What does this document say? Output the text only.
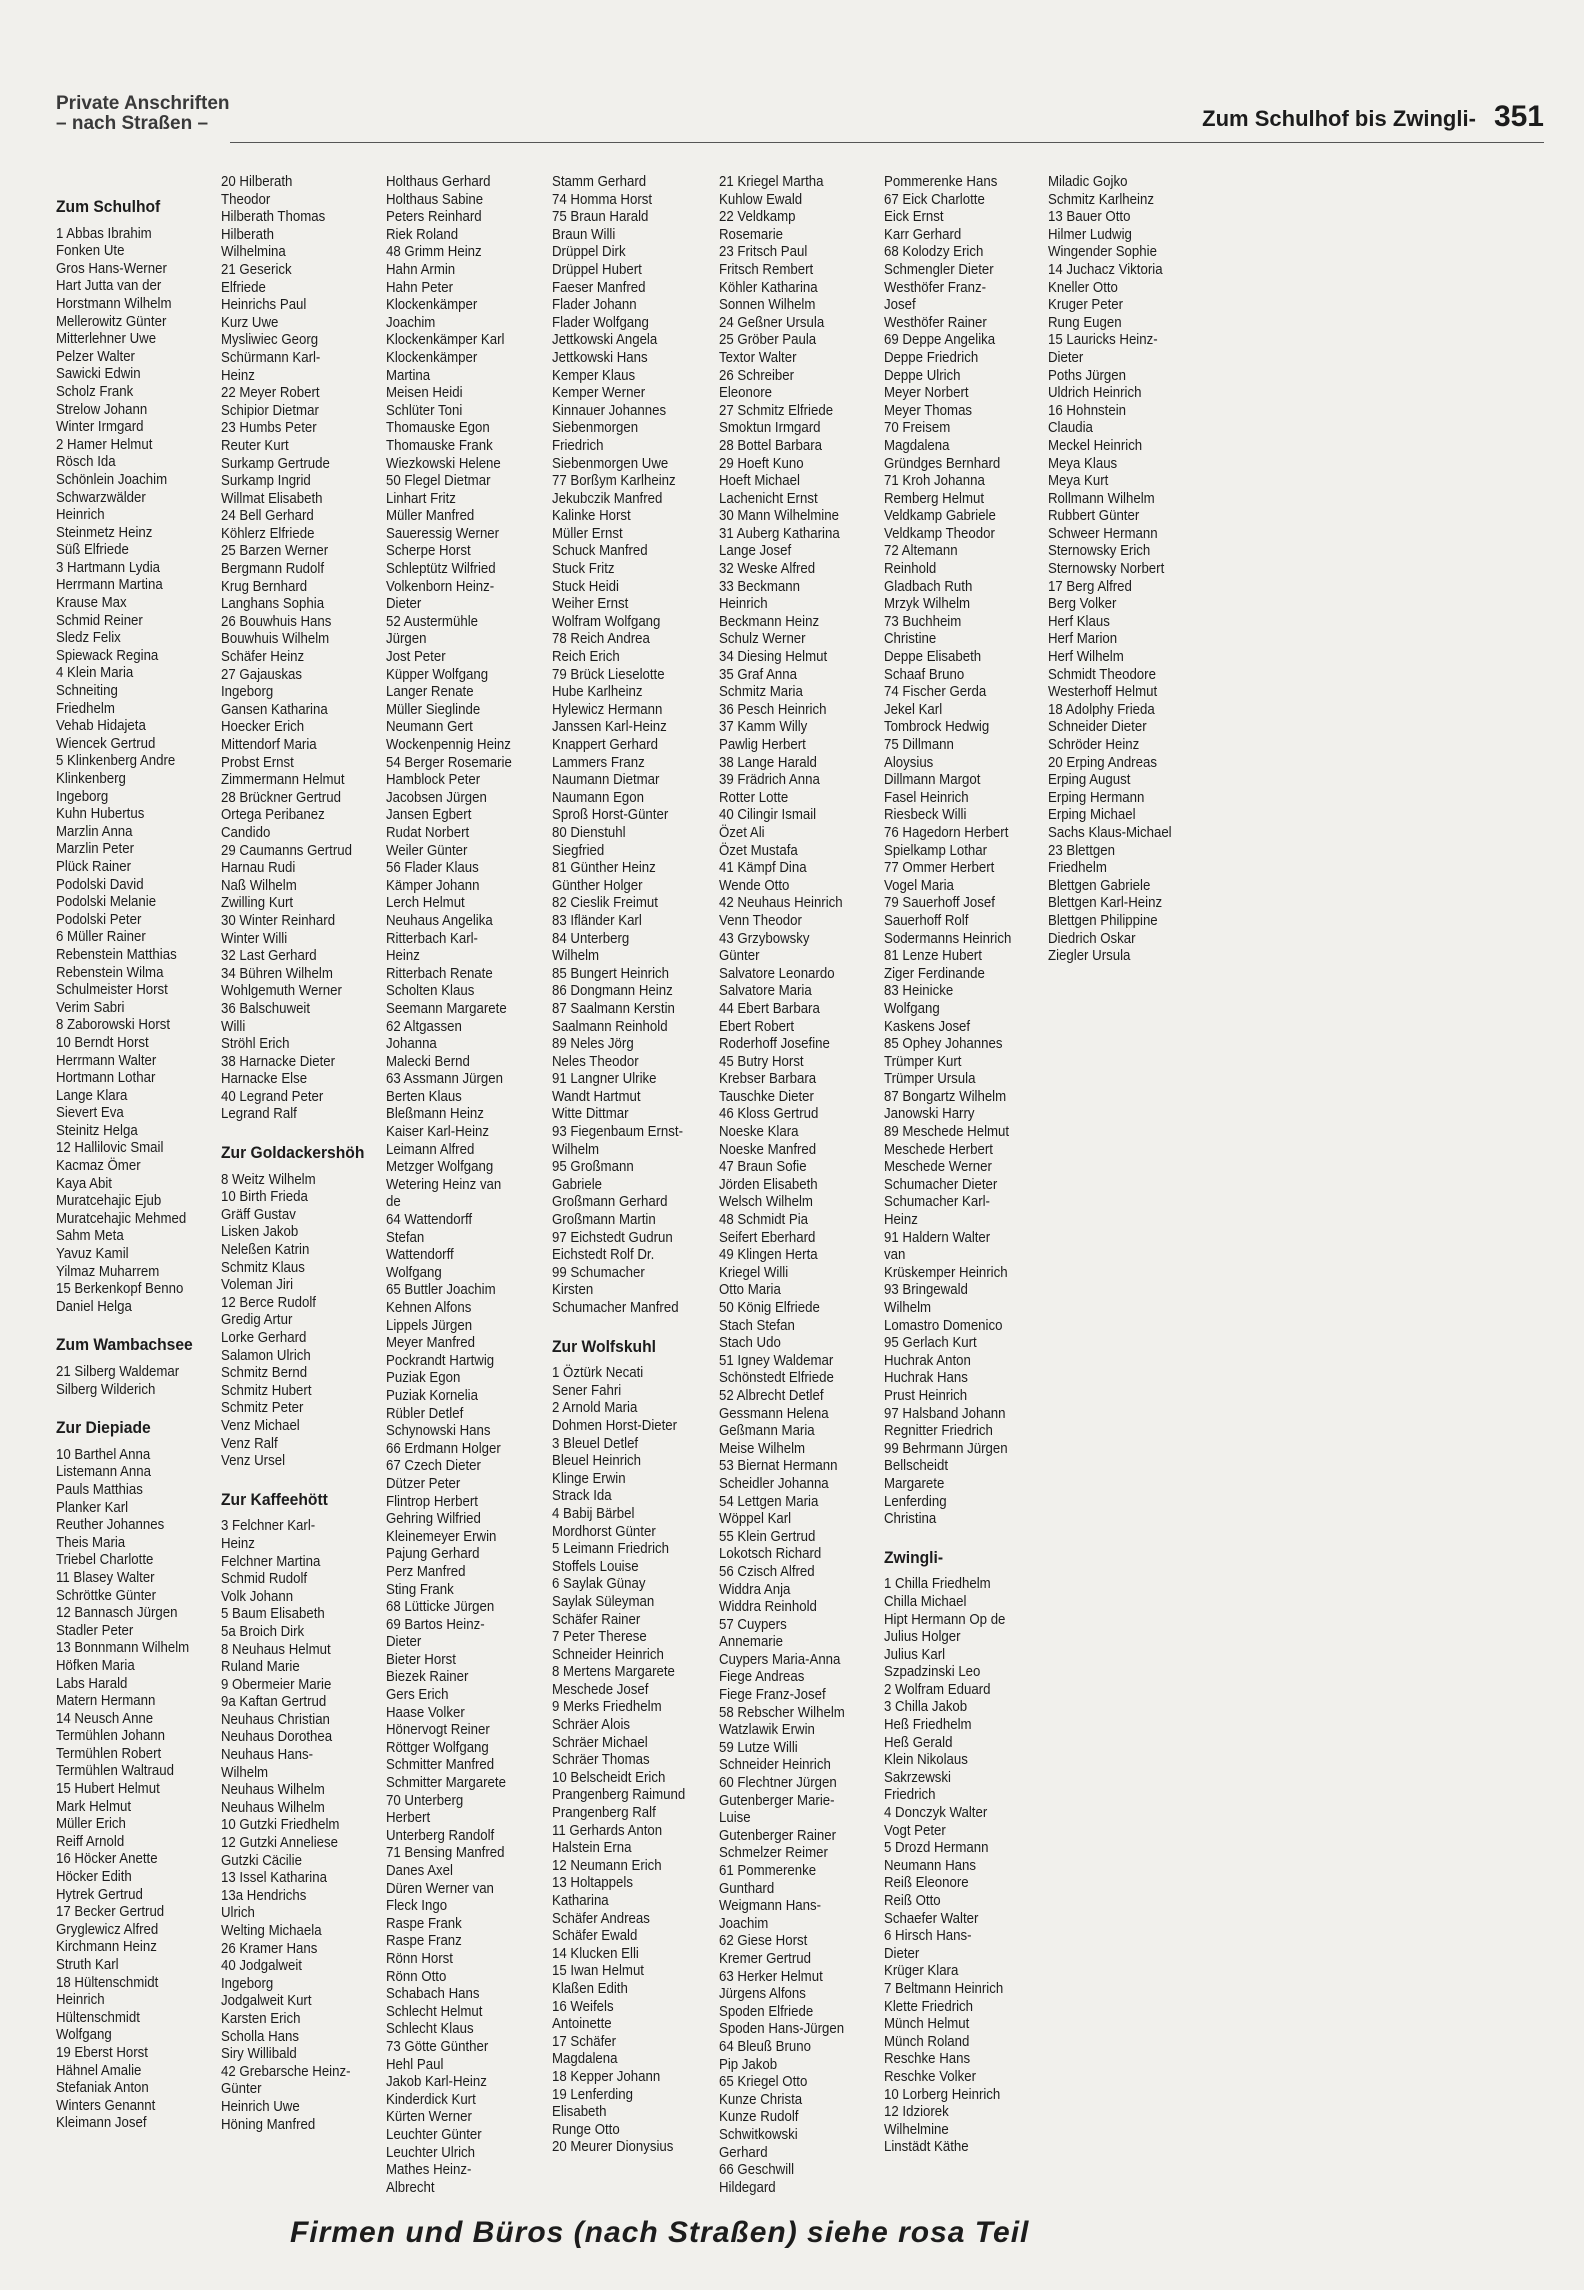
Private Anschriften
– nach Straßen –	Zum Schulhof bis Zwingli- 351
Zum Schulhof
1 Abbas Ibrahim
Fonken Ute
Gros Hans-Werner
Hart Jutta van der
Horstmann Wilhelm
Mellerowitz Günter
Mitterlehner Uwe
Pelzer Walter
Sawicki Edwin
Scholz Frank
Strelow Johann
Winter Irmgard
2 Hamer Helmut
Rösch Ida
Schönlein Joachim
Schwarzwälder
Heinrich
Steinmetz Heinz
Süß Elfriede
3 Hartmann Lydia
Herrmann Martina
Krause Max
Schmid Reiner
Sledz Felix
Spiewack Regina
4 Klein Maria
Schneiting
Friedhelm
Vehab Hidajeta
Wiencek Gertrud
5 Klinkenberg Andre
Klinkenberg
Ingeborg
Kuhn Hubertus
Marzlin Anna
Marzlin Peter
Plück Rainer
Podolski David
Podolski Melanie
Podolski Peter
6 Müller Rainer
Rebenstein Matthias
Rebenstein Wilma
Schulmeister Horst
Verim Sabri
8 Zaborowski Horst
10 Berndt Horst
Herrmann Walter
Hortmann Lothar
Lange Klara
Sievert Eva
Steinitz Helga
12 Hallilovic Smail
Kacmaz Ömer
Kaya Abit
Muratcehajic Ejub
Muratcehajic Mehmed
Sahm Meta
Yavuz Kamil
Yilmaz Muharrem
15 Berkenkopf Benno
Daniel Helga
Zum Wambachsee
21 Silberg Waldemar
Silberg Wilderich
Zur Diepiade
10 Barthel Anna
Listemann Anna
Pauls Matthias
Planker Karl
Reuther Johannes
Theis Maria
Triebel Charlotte
11 Blasey Walter
Schröttke Günter
12 Bannasch Jürgen
Stadler Peter
13 Bonnmann Wilhelm
Höfken Maria
Labs Harald
Matern Hermann
14 Neusch Anne
Termühlen Johann
Termühlen Robert
Termühlen Waltraud
15 Hubert Helmut
Mark Helmut
Müller Erich
Reiff Arnold
16 Höcker Anette
Höcker Edith
Hytrek Gertrud
17 Becker Gertrud
Gryglewicz Alfred
Kirchmann Heinz
Struth Karl
18 Hültenschmidt
Heinrich
Hültenschmidt
Wolfgang
19 Eberst Horst
Hähnel Amalie
Stefaniak Anton
Winters Genannt
Kleimann Josef
20 Hilberath
Theodor
Hilberath Thomas
Hilberath
Wilhelmina
21 Geserick
Elfriede
Heinrichs Paul
Kurz Uwe
Mysliwiec Georg
Schürmann Karl-
Heinz
22 Meyer Robert
Schipior Dietmar
23 Humbs Peter
Reuter Kurt
Surkamp Gertrude
Surkamp Ingrid
Willmat Elisabeth
24 Bell Gerhard
Köhlerz Elfriede
25 Barzen Werner
Bergmann Rudolf
Krug Bernhard
Langhans Sophia
26 Bouwhuis Hans
Bouwhuis Wilhelm
Schäfer Heinz
27 Gajauskas
Ingeborg
Gansen Katharina
Hoecker Erich
Mittendorf Maria
Probst Ernst
Zimmermann Helmut
28 Brückner Gertrud
Ortega Peribanez
Candido
29 Caumanns Gertrud
Harnau Rudi
Naß Wilhelm
Zwilling Kurt
30 Winter Reinhard
Winter Willi
32 Last Gerhard
34 Bühren Wilhelm
Wohlgemuth Werner
36 Balschuweit
Willi
Ströhl Erich
38 Harnacke Dieter
Harnacke Else
40 Legrand Peter
Legrand Ralf
Zur Goldackershöh
8 Weitz Wilhelm
10 Birth Frieda
Gräff Gustav
Lisken Jakob
Neleßen Katrin
Schmitz Klaus
Voleman Jiri
12 Berce Rudolf
Gredig Artur
Lorke Gerhard
Salamon Ulrich
Schmitz Bernd
Schmitz Hubert
Schmitz Peter
Venz Michael
Venz Ralf
Venz Ursel
Zur Kaffeehött
3 Felchner Karl-
Heinz
Felchner Martina
Schmid Rudolf
Volk Johann
5 Baum Elisabeth
5a Broich Dirk
8 Neuhaus Helmut
Ruland Marie
9 Obermeier Marie
9a Kaftan Gertrud
Neuhaus Christian
Neuhaus Dorothea
Neuhaus Hans-
Wilhelm
Neuhaus Wilhelm
Neuhaus Wilhelm
10 Gutzki Friedhelm
12 Gutzki Anneliese
Gutzki Cäcilie
13 Issel Katharina
13a Hendrichs
Ulrich
Welting Michaela
26 Kramer Hans
40 Jodgalweit
Ingeborg
Jodgalweit Kurt
Karsten Erich
Scholla Hans
Siry Willibald
42 Grebarsche Heinz-
Günter
Heinrich Uwe
Höning Manfred
Holthaus Gerhard
Holthaus Sabine
Peters Reinhard
Riek Roland
48 Grimm Heinz
Hahn Armin
Hahn Peter
Klockenkämper
Joachim
Klockenkämper Karl
Klockenkämper
Martina
Meisen Heidi
Schlüter Toni
Thomauske Egon
Thomauske Frank
Wiezkowski Helene
50 Flegel Dietmar
Linhart Fritz
Müller Manfred
Saueressig Werner
Scherpe Horst
Schleptütz Wilfried
Volkenborn Heinz-
Dieter
52 Austermühle
Jürgen
Jost Peter
Küpper Wolfgang
Langer Renate
Müller Sieglinde
Neumann Gert
Wockenpennig Heinz
54 Berger Rosemarie
Hamblock Peter
Jacobsen Jürgen
Jansen Egbert
Rudat Norbert
Weiler Günter
56 Flader Klaus
Kämper Johann
Lerch Helmut
Neuhaus Angelika
Ritterbach Karl-
Heinz
Ritterbach Renate
Scholten Klaus
Seemann Margarete
62 Altgassen
Johanna
Malecki Bernd
63 Assmann Jürgen
Berten Klaus
Bleßmann Heinz
Kaiser Karl-Heinz
Leimann Alfred
Metzger Wolfgang
Wetering Heinz van
de
64 Wattendorff
Stefan
Wattendorff
Wolfgang
65 Buttler Joachim
Kehnen Alfons
Lippels Jürgen
Meyer Manfred
Pockrandt Hartwig
Puziak Egon
Puziak Kornelia
Rübler Detlef
Schynowski Hans
66 Erdmann Holger
67 Czech Dieter
Dützer Peter
Flintrop Herbert
Gehring Wilfried
Kleinemeyer Erwin
Pajung Gerhard
Perz Manfred
Sting Frank
68 Lütticke Jürgen
69 Bartos Heinz-
Dieter
Bieter Horst
Biezek Rainer
Gers Erich
Haase Volker
Hönervogt Reiner
Röttger Wolfgang
Schmitter Manfred
Schmitter Margarete
70 Unterberg
Herbert
Unterberg Randolf
71 Bensing Manfred
Danes Axel
Düren Werner van
Fleck Ingo
Raspe Frank
Raspe Franz
Rönn Horst
Rönn Otto
Schabach Hans
Schlecht Helmut
Schlecht Klaus
73 Götte Günther
Hehl Paul
Jakob Karl-Heinz
Kinderdick Kurt
Kürten Werner
Leuchter Günter
Leuchter Ulrich
Mathes Heinz-
Albrecht
Stamm Gerhard
74 Homma Horst
75 Braun Harald
Braun Willi
Drüppel Dirk
Drüppel Hubert
Faeser Manfred
Flader Johann
Flader Wolfgang
Jettkowski Angela
Jettkowski Hans
Kemper Klaus
Kemper Werner
Kinnauer Johannes
Siebenmorgen
Friedrich
Siebenmorgen Uwe
77 Borßym Karlheinz
Jekubczik Manfred
Kalinke Horst
Müller Ernst
Schuck Manfred
Stuck Fritz
Stuck Heidi
Weiher Ernst
Wolfram Wolfgang
78 Reich Andrea
Reich Erich
79 Brück Lieselotte
Hube Karlheinz
Hylewicz Hermann
Janssen Karl-Heinz
Knappert Gerhard
Lammers Franz
Naumann Dietmar
Naumann Egon
Sproß Horst-Günter
80 Dienstuhl
Siegfried
81 Günther Heinz
Günther Holger
82 Cieslik Freimut
83 Ifländer Karl
84 Unterberg
Wilhelm
85 Bungert Heinrich
86 Dongmann Heinz
87 Saalmann Kerstin
Saalmann Reinhold
89 Neles Jörg
Neles Theodor
91 Langner Ulrike
Wandt Hartmut
Witte Dittmar
93 Fiegenbaum Ernst-
Wilhelm
95 Großmann
Gabriele
Großmann Gerhard
Großmann Martin
97 Eichstedt Gudrun
Eichstedt Rolf Dr.
99 Schumacher
Kirsten
Schumacher Manfred
Zur Wolfskuhl
1 Öztürk Necati
Sener Fahri
2 Arnold Maria
Dohmen Horst-Dieter
3 Bleuel Detlef
Bleuel Heinrich
Klinge Erwin
Strack Ida
4 Babij Bärbel
Mordhorst Günter
5 Leimann Friedrich
Stoffels Louise
6 Saylak Günay
Saylak Süleyman
Schäfer Rainer
7 Peter Therese
Schneider Heinrich
8 Mertens Margarete
Meschede Josef
9 Merks Friedhelm
Schräer Alois
Schräer Michael
Schräer Thomas
10 Belscheidt Erich
Prangenberg Raimund
Prangenberg Ralf
11 Gerhards Anton
Halstein Erna
12 Neumann Erich
13 Holtappels
Katharina
Schäfer Andreas
Schäfer Ewald
14 Klucken Elli
15 Iwan Helmut
Klaßen Edith
16 Weifels
Antoinette
17 Schäfer
Magdalena
18 Kepper Johann
19 Lenferding
Elisabeth
Runge Otto
20 Meurer Dionysius
21 Kriegel Martha
Kuhlow Ewald
22 Veldkamp
Rosemarie
23 Fritsch Paul
Fritsch Rembert
Köhler Katharina
Sonnen Wilhelm
24 Geßner Ursula
25 Gröber Paula
Textor Walter
26 Schreiber
Eleonore
27 Schmitz Elfriede
Smoktun Irmgard
28 Bottel Barbara
29 Hoeft Kuno
Hoeft Michael
Lachenicht Ernst
30 Mann Wilhelmine
31 Auberg Katharina
Lange Josef
32 Weske Alfred
33 Beckmann
Heinrich
Beckmann Heinz
Schulz Werner
34 Diesing Helmut
35 Graf Anna
Schmitz Maria
36 Pesch Heinrich
37 Kamm Willy
Pawlig Herbert
38 Lange Harald
39 Frädrich Anna
Rotter Lotte
40 Cilingir Ismail
Özet Ali
Özet Mustafa
41 Kämpf Dina
Wende Otto
42 Neuhaus Heinrich
Venn Theodor
43 Grzybowsky
Günter
Salvatore Leonardo
Salvatore Maria
44 Ebert Barbara
Ebert Robert
Roderhoff Josefine
45 Butry Horst
Krebser Barbara
Tauschke Dieter
46 Kloss Gertrud
Noeske Klara
Noeske Manfred
47 Braun Sofie
Jörden Elisabeth
Welsch Wilhelm
48 Schmidt Pia
Seifert Eberhard
49 Klingen Herta
Kriegel Willi
Otto Maria
50 König Elfriede
Stach Stefan
Stach Udo
51 Igney Waldemar
Schönstedt Elfriede
52 Albrecht Detlef
Gessmann Helena
Geßmann Maria
Meise Wilhelm
53 Biernat Hermann
Scheidler Johanna
54 Lettgen Maria
Wöppel Karl
55 Klein Gertrud
Lokotsch Richard
56 Czisch Alfred
Widdra Anja
Widdra Reinhold
57 Cuypers
Annemarie
Cuypers Maria-Anna
Fiege Andreas
Fiege Franz-Josef
58 Rebscher Wilhelm
Watzlawik Erwin
59 Lutze Willi
Schneider Heinrich
60 Flechtner Jürgen
Gutenberger Marie-
Luise
Gutenberger Rainer
Schmelzer Reimer
61 Pommerenke
Gunthard
Weigmann Hans-
Joachim
62 Giese Horst
Kremer Gertrud
63 Herker Helmut
Jürgens Alfons
Spoden Elfriede
Spoden Hans-Jürgen
64 Bleuß Bruno
Pip Jakob
65 Kriegel Otto
Kunze Christa
Kunze Rudolf
Schwitkowski
Gerhard
66 Geschwill
Hildegard
Pommerenke Hans
67 Eick Charlotte
Eick Ernst
Karr Gerhard
68 Kolodzy Erich
Schmengler Dieter
Westhöfer Franz-
Josef
Westhöfer Rainer
69 Deppe Angelika
Deppe Friedrich
Deppe Ulrich
Meyer Norbert
Meyer Thomas
70 Freisem
Magdalena
Gründges Bernhard
71 Kroh Johanna
Remberg Helmut
Veldkamp Gabriele
Veldkamp Theodor
72 Altemann
Reinhold
Gladbach Ruth
Mrzyk Wilhelm
73 Buchheim
Christine
Deppe Elisabeth
Schaaf Bruno
74 Fischer Gerda
Jekel Karl
Tombrock Hedwig
75 Dillmann
Aloysius
Dillmann Margot
Fasel Heinrich
Riesbeck Willi
76 Hagedorn Herbert
Spielkamp Lothar
77 Ommer Herbert
Vogel Maria
79 Sauerhoff Josef
Sauerhoff Rolf
Sodermanns Heinrich
81 Lenze Hubert
Ziger Ferdinande
83 Heinicke
Wolfgang
Kaskens Josef
85 Ophey Johannes
Trümper Kurt
Trümper Ursula
87 Bongartz Wilhelm
Janowski Harry
89 Meschede Helmut
Meschede Herbert
Meschede Werner
Schumacher Dieter
Schumacher Karl-
Heinz
91 Haldern Walter
van
Krüskemper Heinrich
93 Bringewald
Wilhelm
Lomastro Domenico
95 Gerlach Kurt
Huchrak Anton
Huchrak Hans
Prust Heinrich
97 Halsband Johann
Regnitter Friedrich
99 Behrmann Jürgen
Bellscheidt
Margarete
Lenferding
Christina
Zwingli-
1 Chilla Friedhelm
Chilla Michael
Hipt Hermann Op de
Julius Holger
Julius Karl
Szpadzinski Leo
2 Wolfram Eduard
3 Chilla Jakob
Heß Friedhelm
Heß Gerald
Klein Nikolaus
Sakrzewski
Friedrich
4 Donczyk Walter
Vogt Peter
5 Drozd Hermann
Neumann Hans
Reiß Eleonore
Reiß Otto
Schaefer Walter
6 Hirsch Hans-
Dieter
Krüger Klara
7 Beltmann Heinrich
Klette Friedrich
Münch Helmut
Münch Roland
Reschke Hans
Reschke Volker
10 Lorberg Heinrich
12 Idziorek
Wilhelmine
Linstädt Käthe
Miladic Gojko
Schmitz Karlheinz
13 Bauer Otto
Hilmer Ludwig
Wingender Sophie
14 Juchacz Viktoria
Kneller Otto
Kruger Peter
Rung Eugen
15 Lauricks Heinz-
Dieter
Poths Jürgen
Uldrich Heinrich
16 Hohnstein
Claudia
Meckel Heinrich
Meya Klaus
Meya Kurt
Rollmann Wilhelm
Rubbert Günter
Schweer Hermann
Sternowsky Erich
Sternowsky Norbert
17 Berg Alfred
Berg Volker
Herf Klaus
Herf Marion
Herf Wilhelm
Schmidt Theodore
Westerhoff Helmut
18 Adolphy Frieda
Schneider Dieter
Schröder Heinz
20 Erping Andreas
Erping August
Erping Hermann
Erping Michael
Sachs Klaus-Michael
23 Blettgen
Friedhelm
Blettgen Gabriele
Blettgen Karl-Heinz
Blettgen Philippine
Diedrich Oskar
Ziegler Ursula
Firmen und Büros (nach Straßen) siehe rosa Teil
